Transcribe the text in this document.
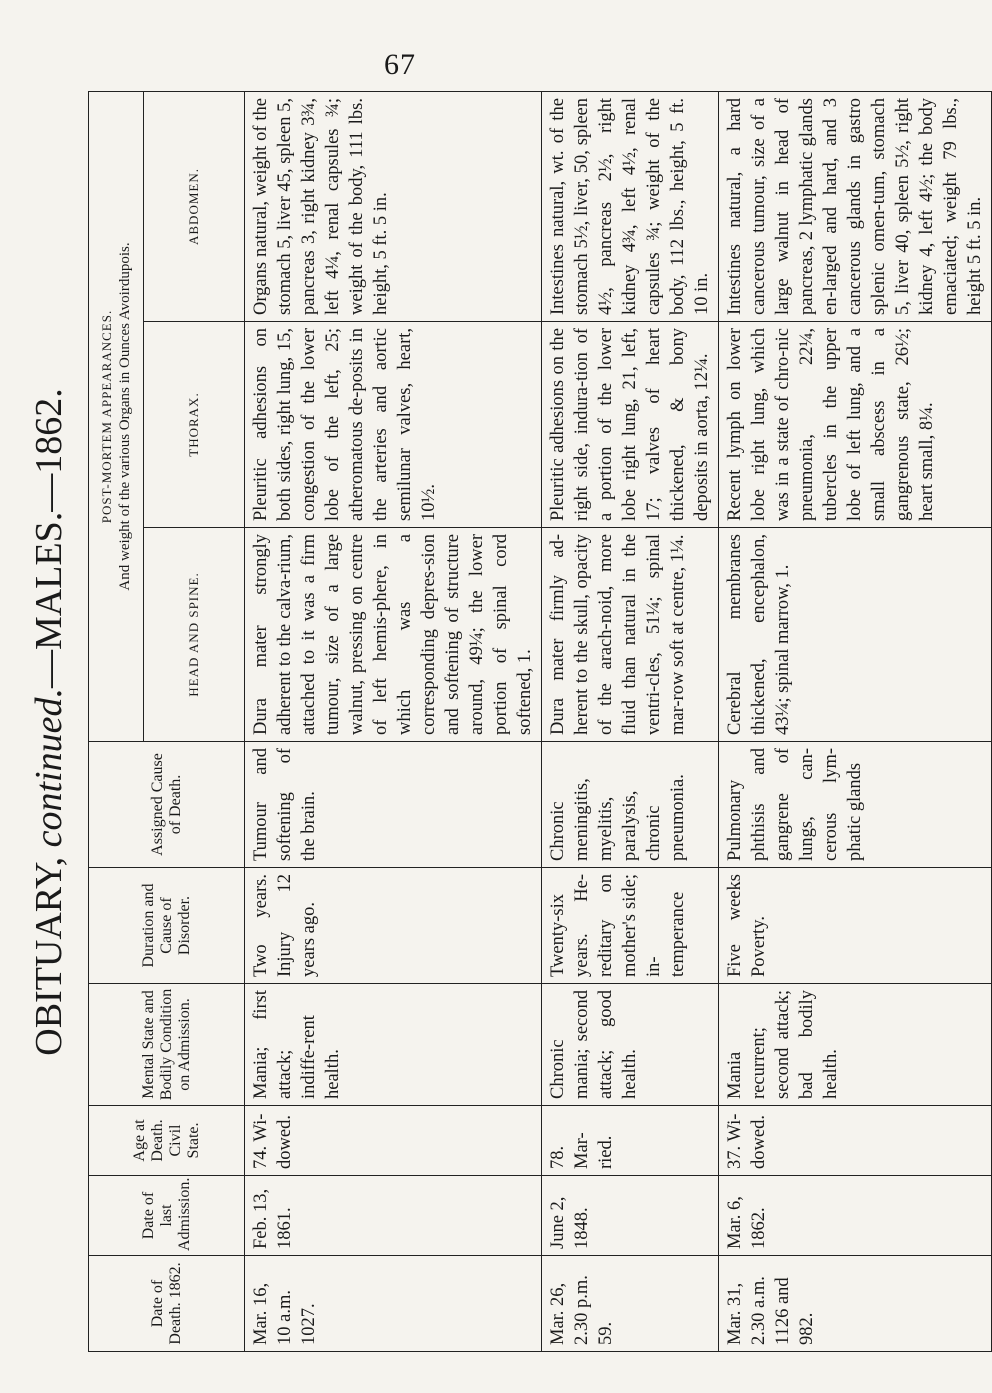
67
OBITUARY, continued.—MALES.—1862.
Date of Death. 1862.	Date of last Admission.	Age at Death. Civil State.	Mental State and Bodily Condition on Admission.	Duration and Cause of Disorder.	Assigned Cause of Death.	POST-MORTEM APPEARANCES. And weight of the various Organs in Ounces Avoirdupois.		

						HEAD AND SPINE.	THORAX.	ABDOMEN.
Mar. 16, 10 a.m. 1027.	Feb. 13, 1861.	74. Wi-dowed.	Mania; first attack; indiffe-rent health.	Two years. Injury 12 years ago.	Tumour and softening of the brain.	Dura mater strongly adherent to the calva-rium, attached to it was a firm tumour, size of a large walnut, pressing on centre of left hemis-phere, in which was a corresponding depres-sion and softening of structure around, 49¼; the lower portion of spinal cord softened, 1.	Pleuritic adhesions on both sides, right lung, 15, congestion of the lower lobe of the left, 25; atheromatous de-posits in the arteries and aortic semilunar valves, heart, 10½.	Organs natural, weight of the stomach 5, liver 45, spleen 5, pancreas 3, right kidney 3¾, left 4¼, renal capsules ¾; weight of the body, 111 lbs. height, 5 ft. 5 in.
Mar. 26, 2.30 p.m. 59.	June 2, 1848.	78. Mar-ried.	Chronic mania; second attack; good health.	Twenty-six years. He-reditary on mother's side; in-temperance	Chronic meningitis, myelitis, paralysis, chronic pneumonia.	Dura mater firmly ad-herent to the skull, opacity of the arach-noid, more fluid than natural in the ventri-cles, 51¼; spinal mar-row soft at centre, 1¼.	Pleuritic adhesions on the right side, indura-tion of a portion of the lower lobe right lung, 21, left, 17; valves of heart thickened, & bony deposits in aorta, 12¼.	Intestines natural, wt. of the stomach 5½, liver, 50, spleen 4½, pancreas 2½, right kidney 4¾, left 4½, renal capsules ¾; weight of the body, 112 lbs., height, 5 ft. 10 in.
Mar. 31, 2.30 a.m. 1126 and 982.	Mar. 6, 1862.	37. Wi-dowed.	Mania recurrent; second attack; bad bodily health.	Five weeks Poverty.	Pulmonary phthisis and gangrene of lungs, can-cerous lym-phatic glands	Cerebral membranes thickened, encephalon, 43¼; spinal marrow, 1.	Recent lymph on lower lobe right lung, which was in a state of chro-nic pneumonia, 22¼, tubercles in the upper lobe of left lung, and a small abscess in a gangrenous state, 26½; heart small, 8¼.	Intestines natural, a hard cancerous tumour, size of a large walnut in head of pancreas, 2 lymphatic glands en-larged and hard, and 3 cancerous glands in gastro splenic omen-tum, stomach 5, liver 40, spleen 5½, right kidney 4, left 4½; the body emaciated; weight 79 lbs., height 5 ft. 5 in.
